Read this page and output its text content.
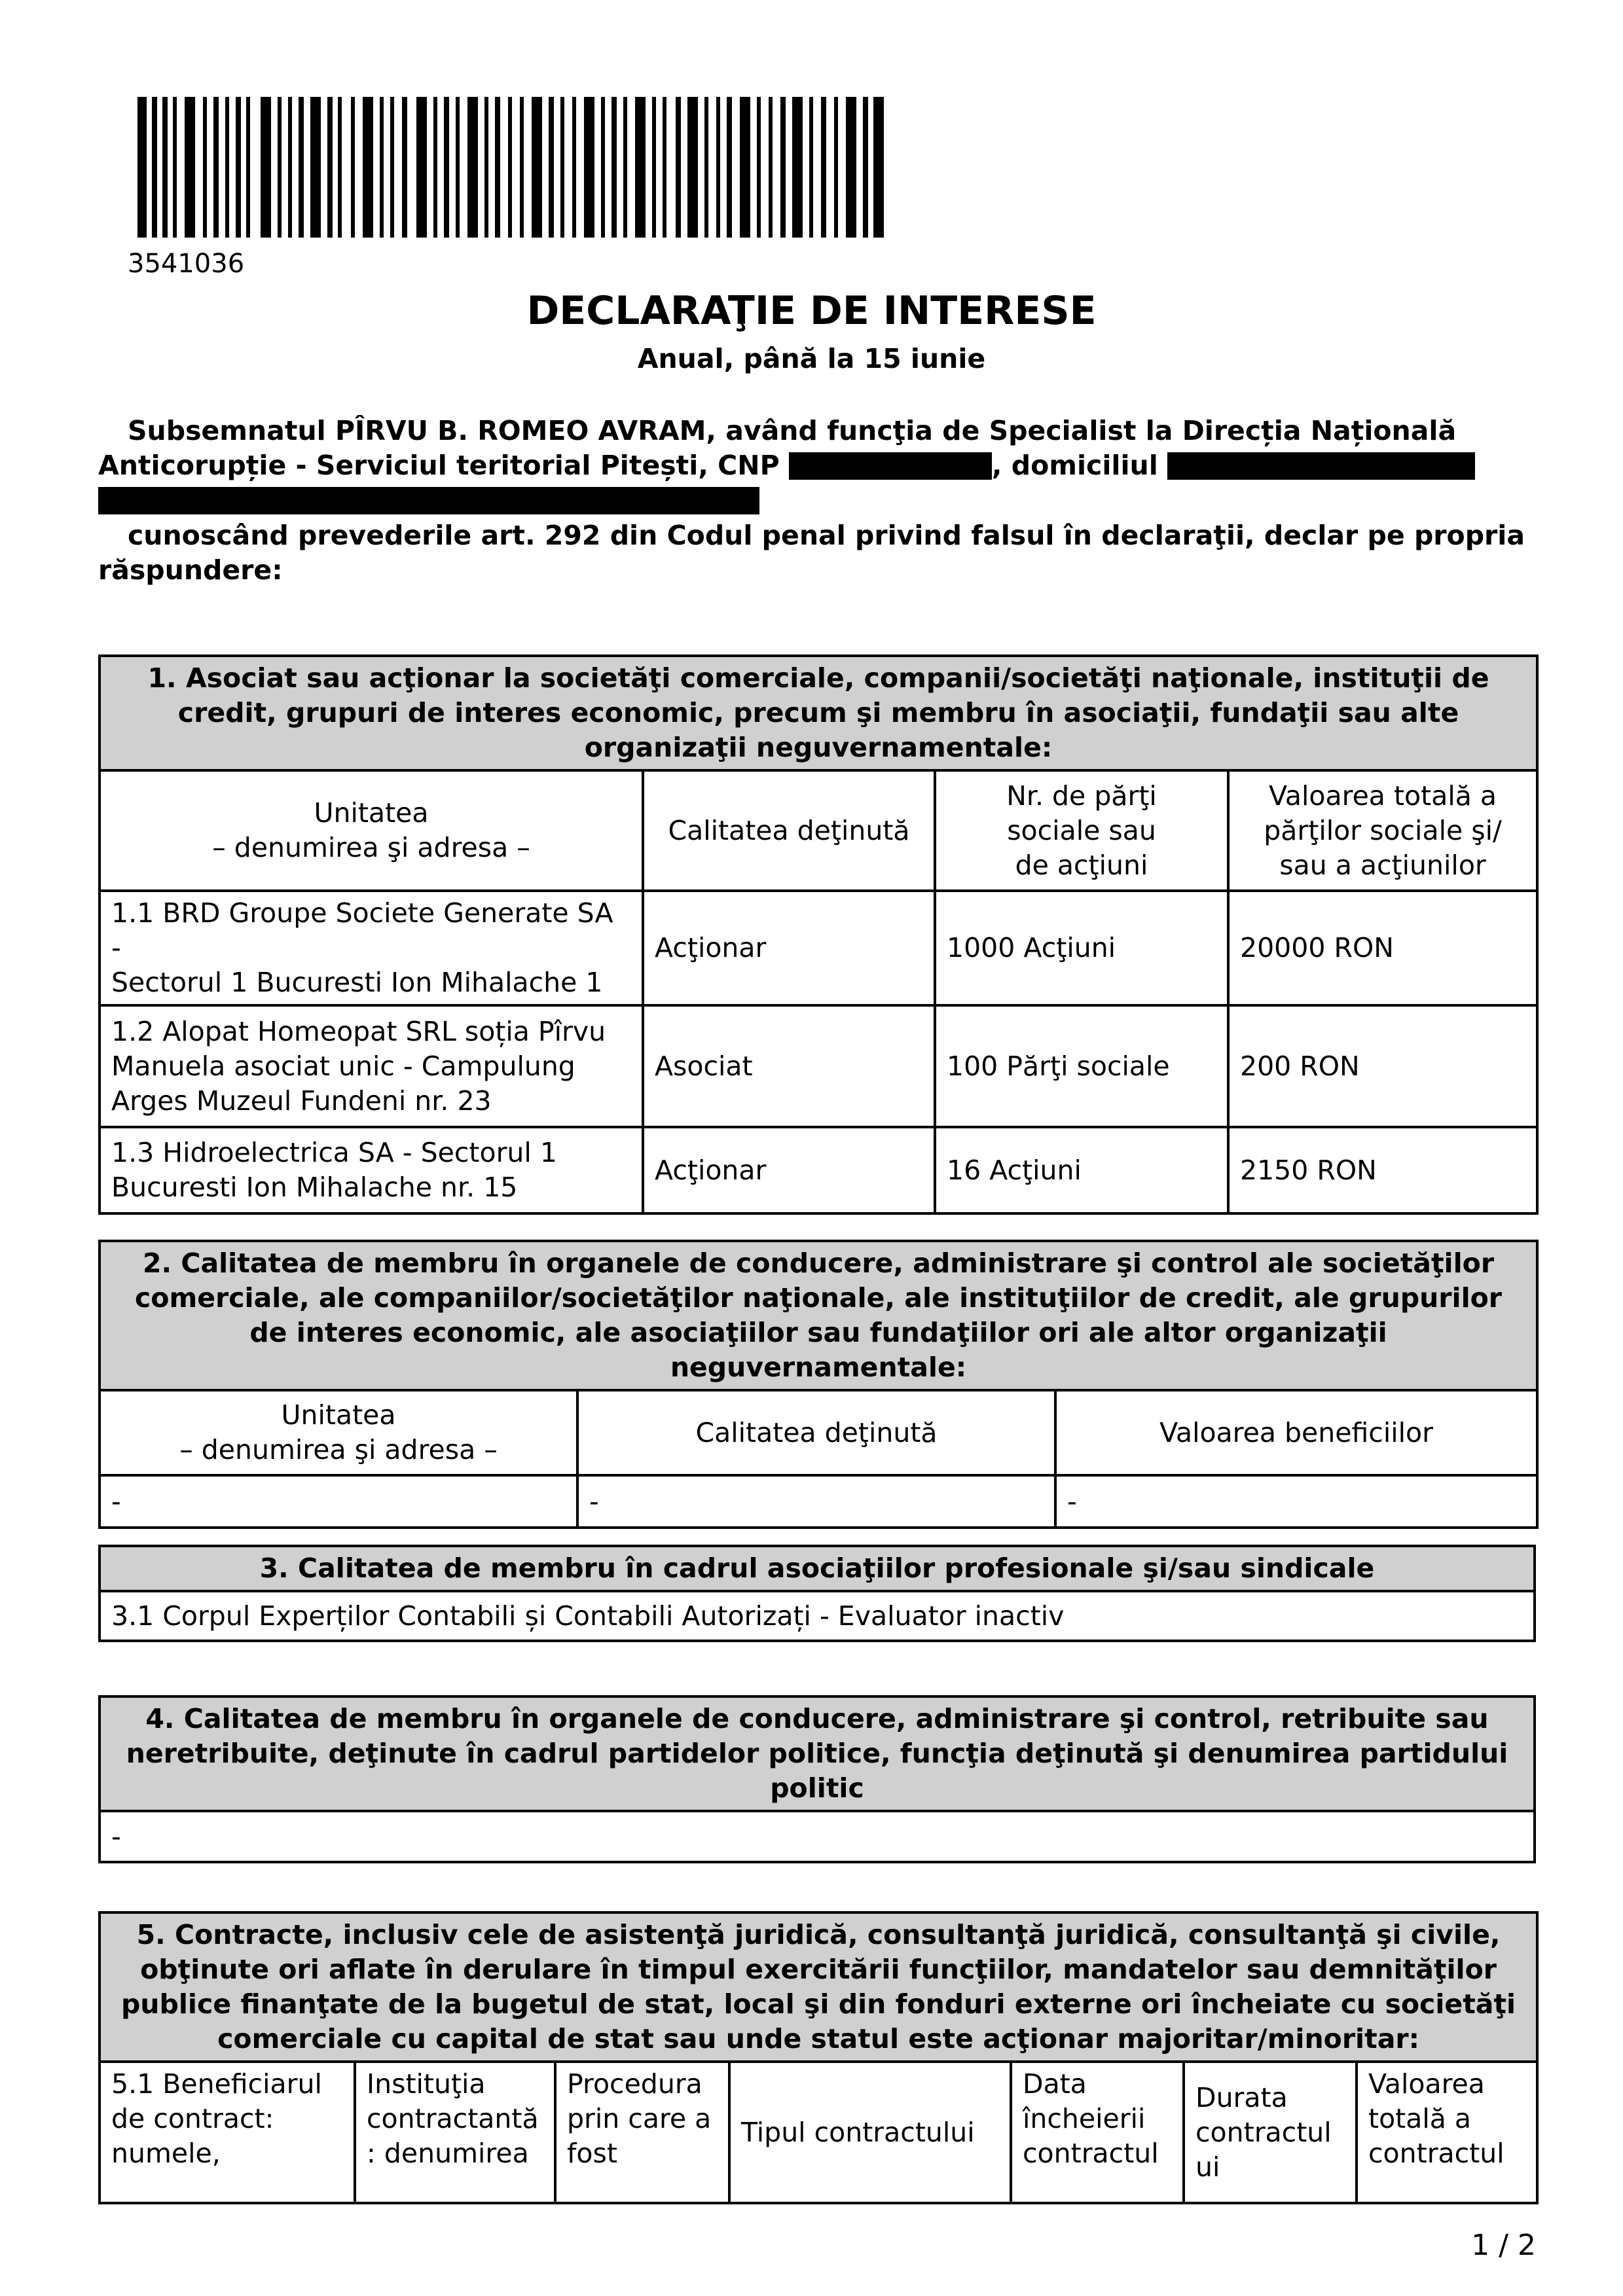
3541036
DECLARAŢIE DE INTERESE
Anual, până la 15 iunie
Subsemnatul PÎRVU B. ROMEO AVRAM, având funcţia de Specialist la Direcția Națională Anticorupție - Serviciul teritorial Pitești, CNP	, domiciliul

cunoscând prevederile art. 292 din Codul penal privind falsul în declaraţii, declar pe propria răspundere:
1. Asociat sau acţionar la societăţi comerciale, companii/societăţi naţionale, instituţii de credit, grupuri de interes economic, precum şi membru în asociaţii, fundaţii sau alte organizaţii neguvernamentale:			
Unitatea
– denumirea şi adresa –	Calitatea deţinută	Nr. de părţi
sociale sau
de acţiuni	Valoarea totală a
părţilor sociale şi/
sau a acţiunilor
1.1 BRD Groupe Societe Generate SA -
Sectorul 1 Bucuresti Ion Mihalache 1	Acţionar	1000 Acţiuni	20000 RON
1.2 Alopat Homeopat SRL soția Pîrvu
Manuela asociat unic - Campulung
Arges Muzeul Fundeni nr. 23	Asociat	100 Părţi sociale	200 RON
1.3 Hidroelectrica SA - Sectorul 1
Bucuresti Ion Mihalache nr. 15	Acţionar	16 Acţiuni	2150 RON
2. Calitatea de membru în organele de conducere, administrare şi control ale societăţilor comerciale, ale companiilor/societăţilor naţionale, ale instituţiilor de credit, ale grupurilor de interes economic, ale asociaţiilor sau fundaţiilor ori ale altor organizaţii neguvernamentale:		
Unitatea
– denumirea şi adresa –	Calitatea deţinută	Valoarea beneficiilor
-	-	-
3. Calitatea de membru în cadrul asociaţiilor profesionale şi/sau sindicale
3.1 Corpul Experților Contabili și Contabili Autorizați - Evaluator inactiv
4. Calitatea de membru în organele de conducere, administrare şi control, retribuite sau neretribuite, deţinute în cadrul partidelor politice, funcţia deţinută şi denumirea partidului politic
-
5. Contracte, inclusiv cele de asistenţă juridică, consultanţă juridică, consultanţă şi civile, obţinute ori aflate în derulare în timpul exercitării funcţiilor, mandatelor sau demnităţilor publice finanţate de la bugetul de stat, local şi din fonduri externe ori încheiate cu societăţi comerciale cu capital de stat sau unde statul este acţionar majoritar/minoritar:
5.1 Beneficiarul
de contract:
numele,	Instituţia
contractantă
: denumirea	Procedura
prin care a
fost	Tipul contractului	Data
încheierii
contractul	Durata
contractul
ui	Valoarea
totală a
contractul
1 / 2
